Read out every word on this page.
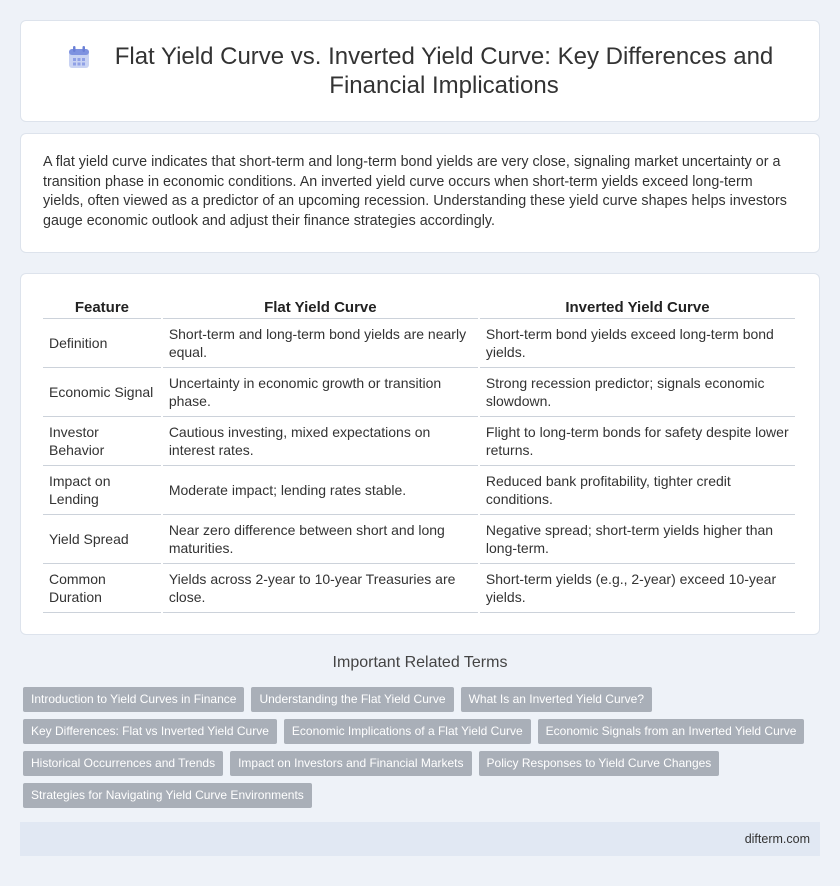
Flat Yield Curve vs. Inverted Yield Curve: Key Differences and Financial Implications

A flat yield curve indicates that short-term and long-term bond yields are very close, signaling market uncertainty or a transition phase in economic conditions. An inverted yield curve occurs when short-term yields exceed long-term yields, often viewed as a predictor of an upcoming recession. Understanding these yield curve shapes helps investors gauge economic outlook and adjust their finance strategies accordingly.

Feature	Flat Yield Curve	Inverted Yield Curve
Definition	Short-term and long-term bond yields are nearly equal.	Short-term bond yields exceed long-term bond yields.
Economic Signal	Uncertainty in economic growth or transition phase.	Strong recession predictor; signals economic slowdown.
Investor Behavior	Cautious investing, mixed expectations on interest rates.	Flight to long-term bonds for safety despite lower returns.
Impact on Lending	Moderate impact; lending rates stable.	Reduced bank profitability, tighter credit conditions.
Yield Spread	Near zero difference between short and long maturities.	Negative spread; short-term yields higher than long-term.
Common Duration	Yields across 2-year to 10-year Treasuries are close.	Short-term yields (e.g., 2-year) exceed 10-year yields.
Important Related Terms
Introduction to Yield Curves in Finance	Understanding the Flat Yield Curve	What Is an Inverted Yield Curve?
Key Differences: Flat vs Inverted Yield Curve	Economic Implications of a Flat Yield Curve	Economic Signals from an Inverted Yield Curve
Historical Occurrences and Trends	Impact on Investors and Financial Markets	Policy Responses to Yield Curve Changes
Strategies for Navigating Yield Curve Environments
difterm.com
